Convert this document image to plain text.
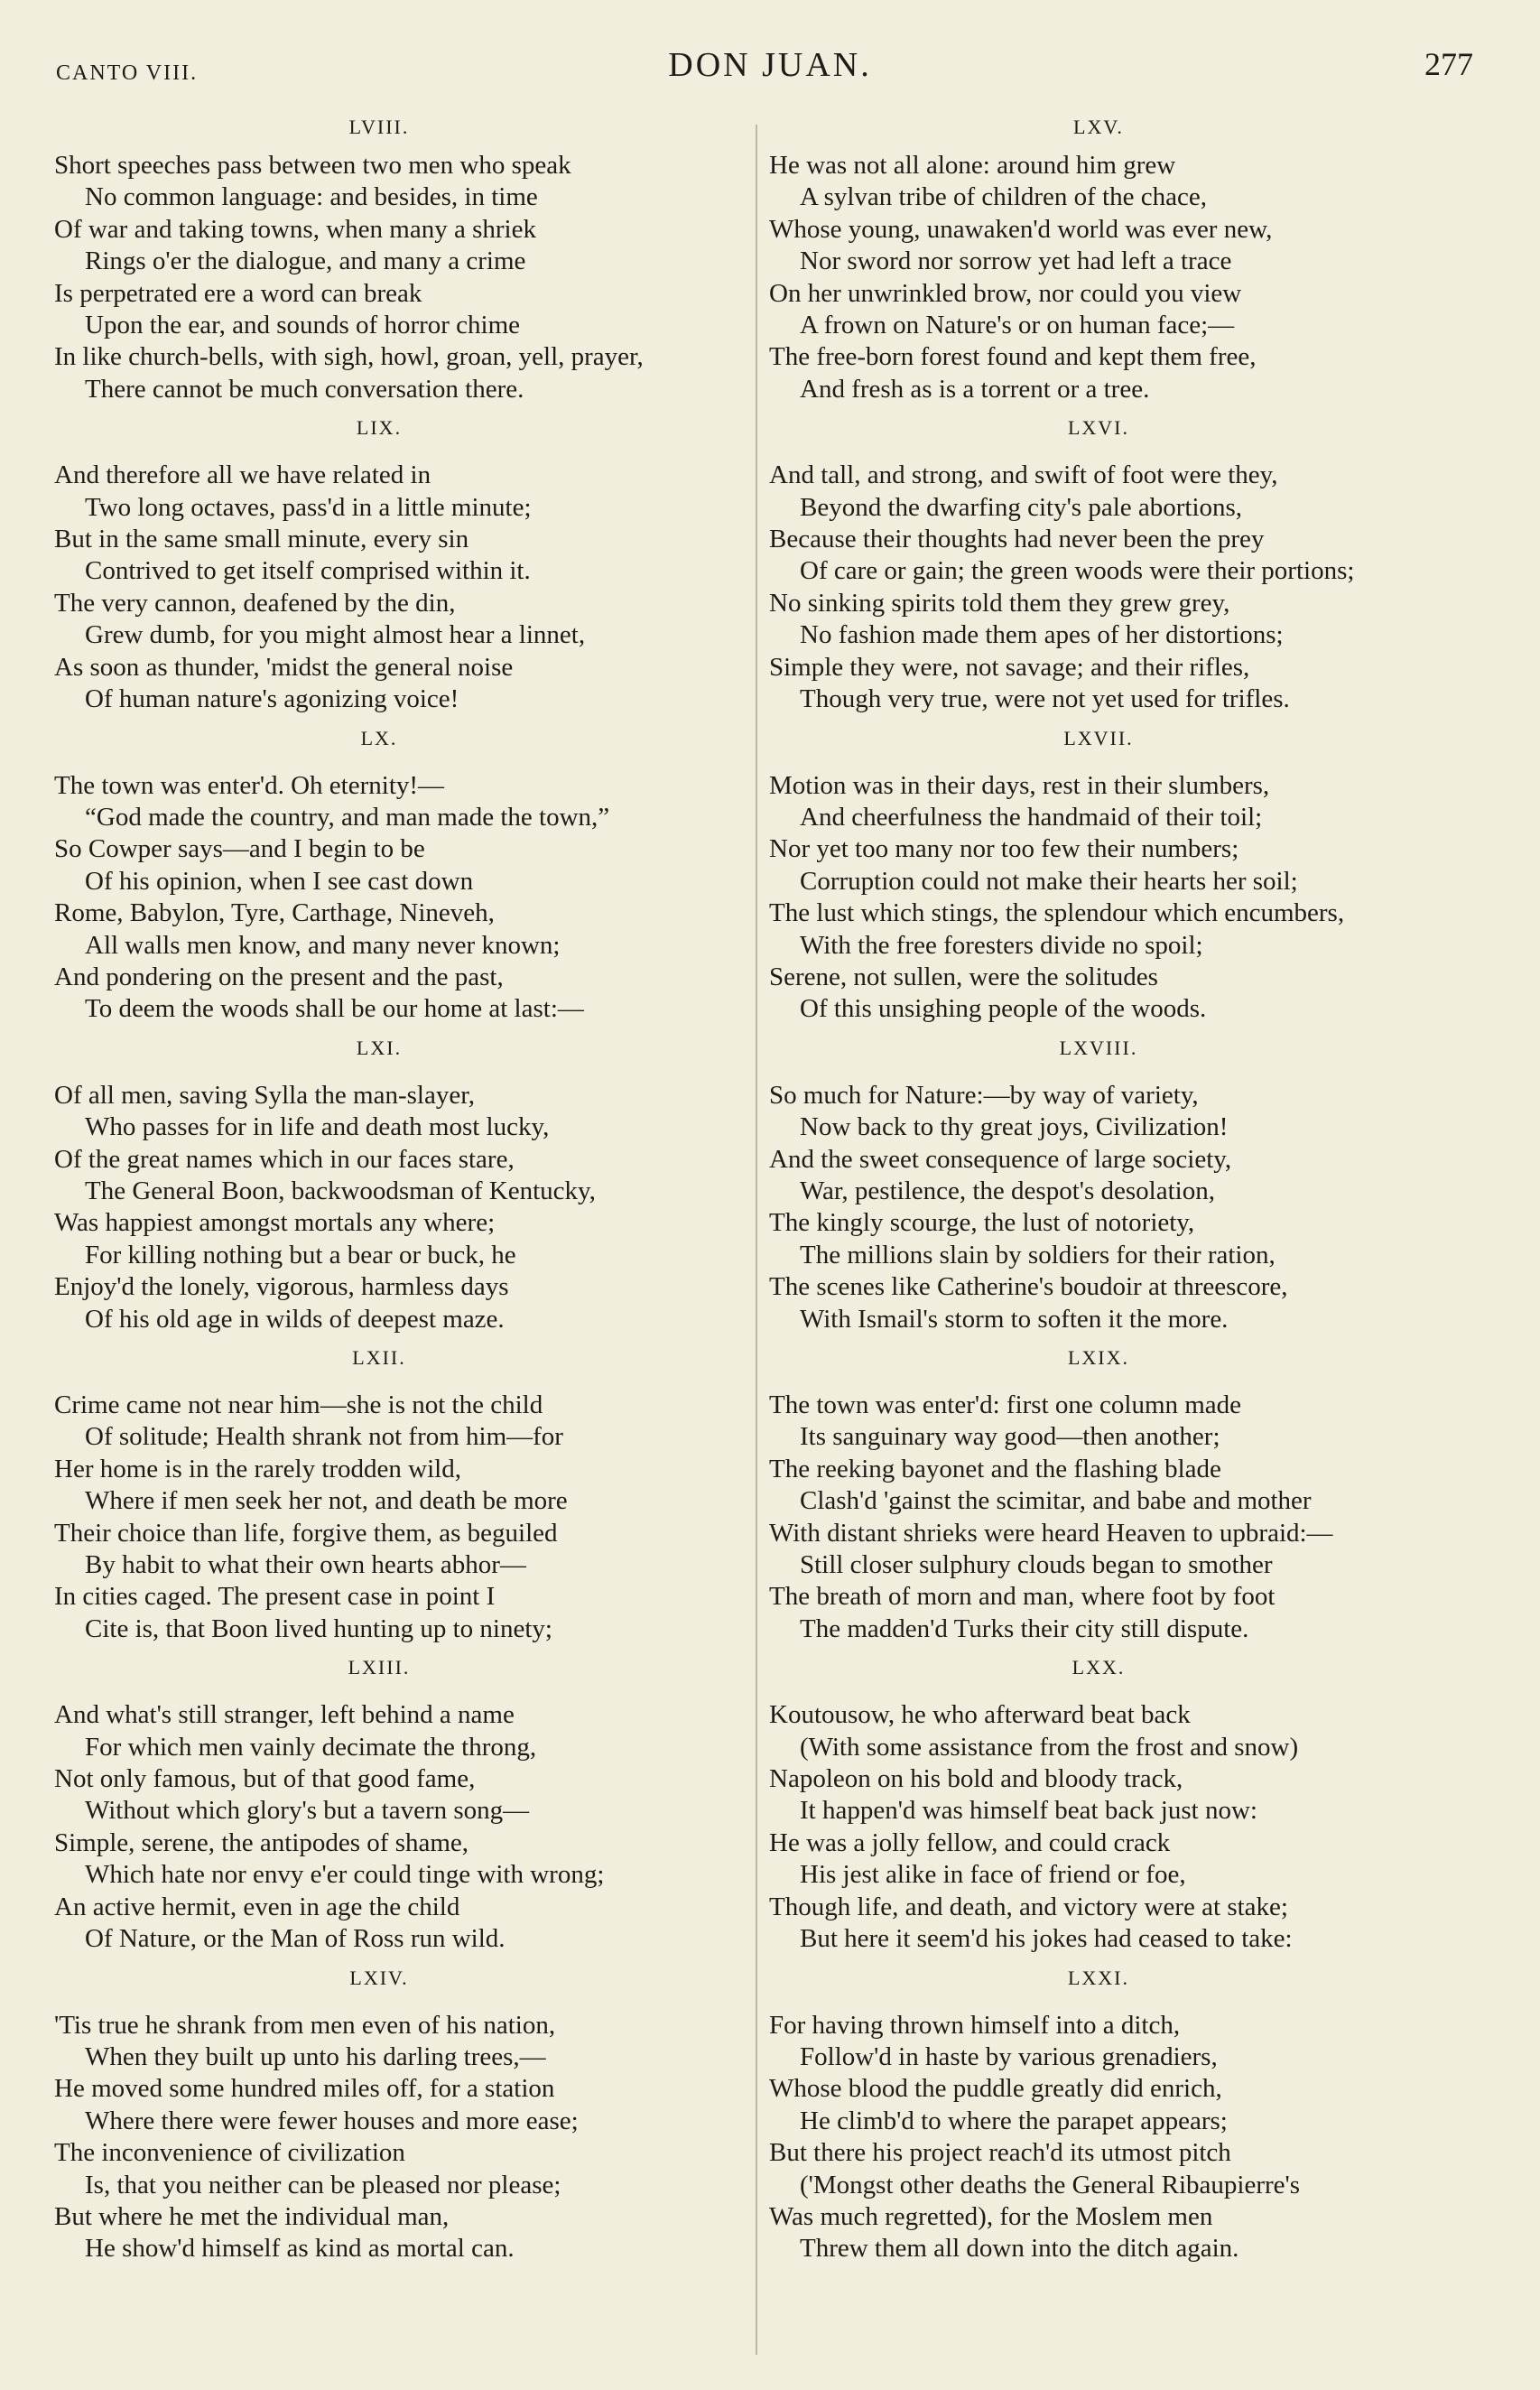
CANTO VIII.	DON JUAN.	277
LVIII.
Short speeches pass between two men who speak
No common language: and besides, in time
Of war and taking towns, when many a shriek
Rings o'er the dialogue, and many a crime
Is perpetrated ere a word can break
Upon the ear, and sounds of horror chime
In like church-bells, with sigh, howl, groan, yell, prayer,
There cannot be much conversation there.
LIX.
And therefore all we have related in
Two long octaves, pass'd in a little minute;
But in the same small minute, every sin
Contrived to get itself comprised within it.
The very cannon, deafened by the din,
Grew dumb, for you might almost hear a linnet,
As soon as thunder, 'midst the general noise
Of human nature's agonizing voice!
LX.
The town was enter'd. Oh eternity!—
“God made the country, and man made the town,”
So Cowper says—and I begin to be
Of his opinion, when I see cast down
Rome, Babylon, Tyre, Carthage, Nineveh,
All walls men know, and many never known;
And pondering on the present and the past,
To deem the woods shall be our home at last:—
LXI.
Of all men, saving Sylla the man-slayer,
Who passes for in life and death most lucky,
Of the great names which in our faces stare,
The General Boon, backwoodsman of Kentucky,
Was happiest amongst mortals any where;
For killing nothing but a bear or buck, he
Enjoy'd the lonely, vigorous, harmless days
Of his old age in wilds of deepest maze.
LXII.
Crime came not near him—she is not the child
Of solitude; Health shrank not from him—for
Her home is in the rarely trodden wild,
Where if men seek her not, and death be more
Their choice than life, forgive them, as beguiled
By habit to what their own hearts abhor—
In cities caged. The present case in point I
Cite is, that Boon lived hunting up to ninety;
LXIII.
And what's still stranger, left behind a name
For which men vainly decimate the throng,
Not only famous, but of that good fame,
Without which glory's but a tavern song—
Simple, serene, the antipodes of shame,
Which hate nor envy e'er could tinge with wrong;
An active hermit, even in age the child
Of Nature, or the Man of Ross run wild.
LXIV.
'Tis true he shrank from men even of his nation,
When they built up unto his darling trees,—
He moved some hundred miles off, for a station
Where there were fewer houses and more ease;
The inconvenience of civilization
Is, that you neither can be pleased nor please;
But where he met the individual man,
He show'd himself as kind as mortal can.
LXV.
He was not all alone: around him grew
A sylvan tribe of children of the chace,
Whose young, unawaken'd world was ever new,
Nor sword nor sorrow yet had left a trace
On her unwrinkled brow, nor could you view
A frown on Nature's or on human face;—
The free-born forest found and kept them free,
And fresh as is a torrent or a tree.
LXVI.
And tall, and strong, and swift of foot were they,
Beyond the dwarfing city's pale abortions,
Because their thoughts had never been the prey
Of care or gain; the green woods were their portions;
No sinking spirits told them they grew grey,
No fashion made them apes of her distortions;
Simple they were, not savage; and their rifles,
Though very true, were not yet used for trifles.
LXVII.
Motion was in their days, rest in their slumbers,
And cheerfulness the handmaid of their toil;
Nor yet too many nor too few their numbers;
Corruption could not make their hearts her soil;
The lust which stings, the splendour which encumbers,
With the free foresters divide no spoil;
Serene, not sullen, were the solitudes
Of this unsighing people of the woods.
LXVIII.
So much for Nature:—by way of variety,
Now back to thy great joys, Civilization!
And the sweet consequence of large society,
War, pestilence, the despot's desolation,
The kingly scourge, the lust of notoriety,
The millions slain by soldiers for their ration,
The scenes like Catherine's boudoir at threescore,
With Ismail's storm to soften it the more.
LXIX.
The town was enter'd: first one column made
Its sanguinary way good—then another;
The reeking bayonet and the flashing blade
Clash'd 'gainst the scimitar, and babe and mother
With distant shrieks were heard Heaven to upbraid:—
Still closer sulphury clouds began to smother
The breath of morn and man, where foot by foot
The madden'd Turks their city still dispute.
LXX.
Koutousow, he who afterward beat back
(With some assistance from the frost and snow)
Napoleon on his bold and bloody track,
It happen'd was himself beat back just now:
He was a jolly fellow, and could crack
His jest alike in face of friend or foe,
Though life, and death, and victory were at stake;
But here it seem'd his jokes had ceased to take:
LXXI.
For having thrown himself into a ditch,
Follow'd in haste by various grenadiers,
Whose blood the puddle greatly did enrich,
He climb'd to where the parapet appears;
But there his project reach'd its utmost pitch
('Mongst other deaths the General Ribaupierre's
Was much regretted), for the Moslem men
Threw them all down into the ditch again.
